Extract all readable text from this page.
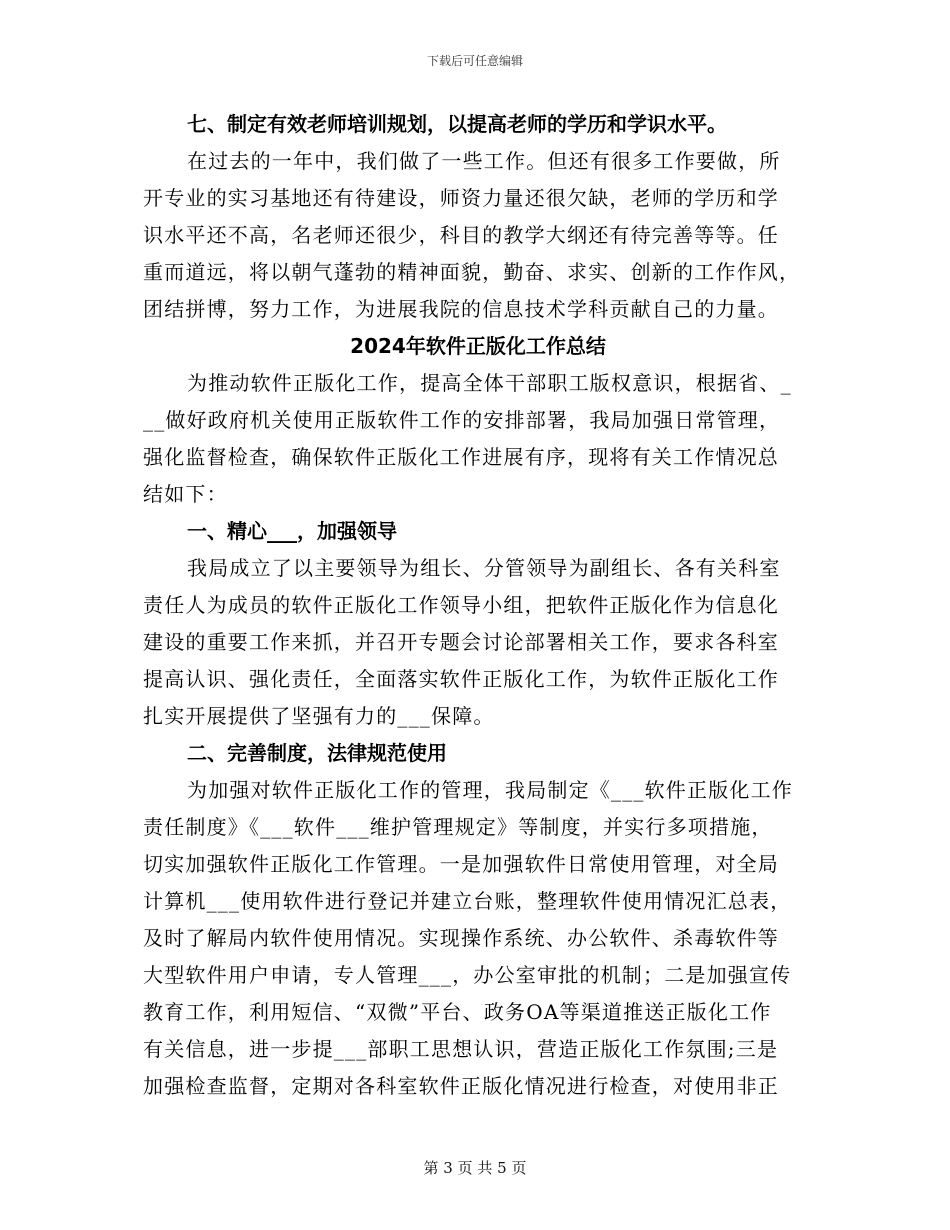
下载后可任意编辑

七、制定有效老师培训规划，以提高老师的学历和学识水平。

在过去的一年中，我们做了一些工作。但还有很多工作要做，所
开专业的实习基地还有待建设，师资力量还很欠缺，老师的学历和学
识水平还不高，名老师还很少，科目的教学大纲还有待完善等等。任
重而道远，将以朝气蓬勃的精神面貌，勤奋、求实、创新的工作作风，
团结拼博，努力工作，为进展我院的信息技术学科贡献自己的力量。

2024年软件正版化工作总结

为推动软件正版化工作，提高全体干部职工版权意识，根据省、_
__做好政府机关使用正版软件工作的安排部署，我局加强日常管理，
强化监督检查，确保软件正版化工作进展有序，现将有关工作情况总
结如下：

一、精心___，加强领导

我局成立了以主要领导为组长、分管领导为副组长、各有关科室
责任人为成员的软件正版化工作领导小组，把软件正版化作为信息化
建设的重要工作来抓，并召开专题会讨论部署相关工作，要求各科室
提高认识、强化责任，全面落实软件正版化工作，为软件正版化工作
扎实开展提供了坚强有力的___保障。

二、完善制度，法律规范使用

为加强对软件正版化工作的管理，我局制定《___软件正版化工作
责任制度》《___软件___维护管理规定》等制度，并实行多项措施，
切实加强软件正版化工作管理。一是加强软件日常使用管理，对全局
计算机___使用软件进行登记并建立台账，整理软件使用情况汇总表，
及时了解局内软件使用情况。实现操作系统、办公软件、杀毒软件等
大型软件用户申请，专人管理___，办公室审批的机制；二是加强宣传
教育工作，利用短信、“双微”平台、政务OA等渠道推送正版化工作
有关信息，进一步提___部职工思想认识，营造正版化工作氛围;三是
加强检查监督，定期对各科室软件正版化情况进行检查，对使用非正
第 3 页 共 5 页
